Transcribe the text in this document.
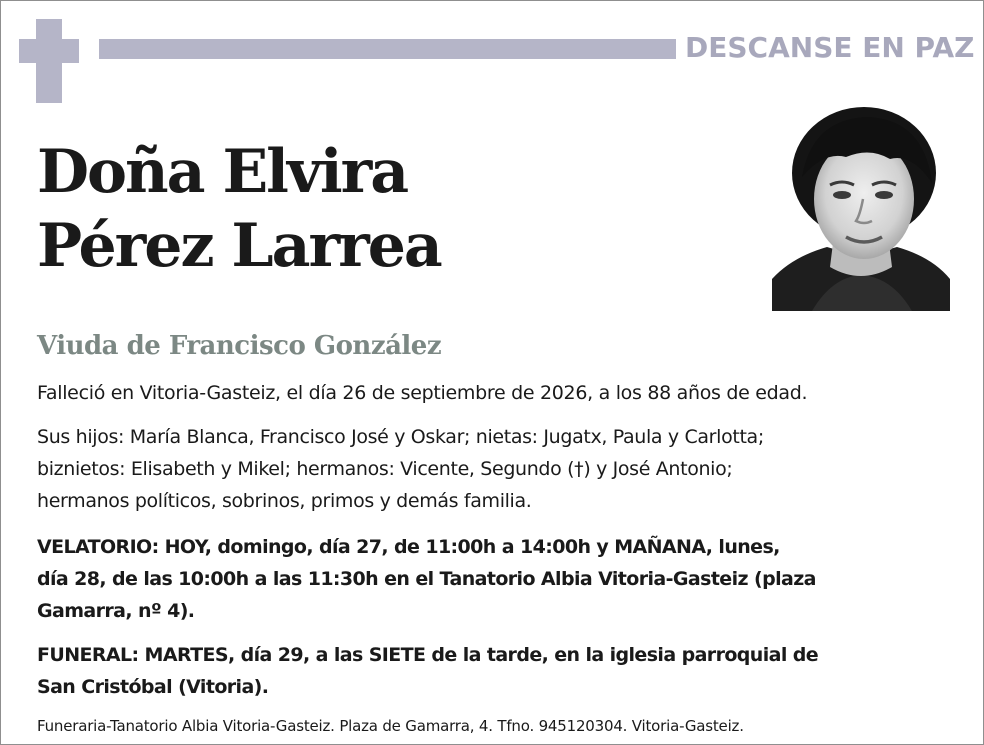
DESCANSE EN PAZ
Doña Elvira
Pérez Larrea
Viuda de Francisco González
Falleció en Vitoria-Gasteiz, el día 26 de septiembre de 2026, a los 88 años de edad.
Sus hijos: María Blanca, Francisco José y Oskar; nietas: Jugatx, Paula y Carlotta;
biznietos: Elisabeth y Mikel; hermanos: Vicente, Segundo (†) y José Antonio;
hermanos políticos, sobrinos, primos y demás familia.
VELATORIO: HOY, domingo, día 27, de 11:00h a 14:00h y MAÑANA, lunes,
día 28, de las 10:00h a las 11:30h en el Tanatorio Albia Vitoria-Gasteiz (plaza
Gamarra, nº 4).
FUNERAL: MARTES, día 29, a las SIETE de la tarde, en la iglesia parroquial de
San Cristóbal (Vitoria).
Funeraria-Tanatorio Albia Vitoria-Gasteiz. Plaza de Gamarra, 4. Tfno. 945120304. Vitoria-Gasteiz.
